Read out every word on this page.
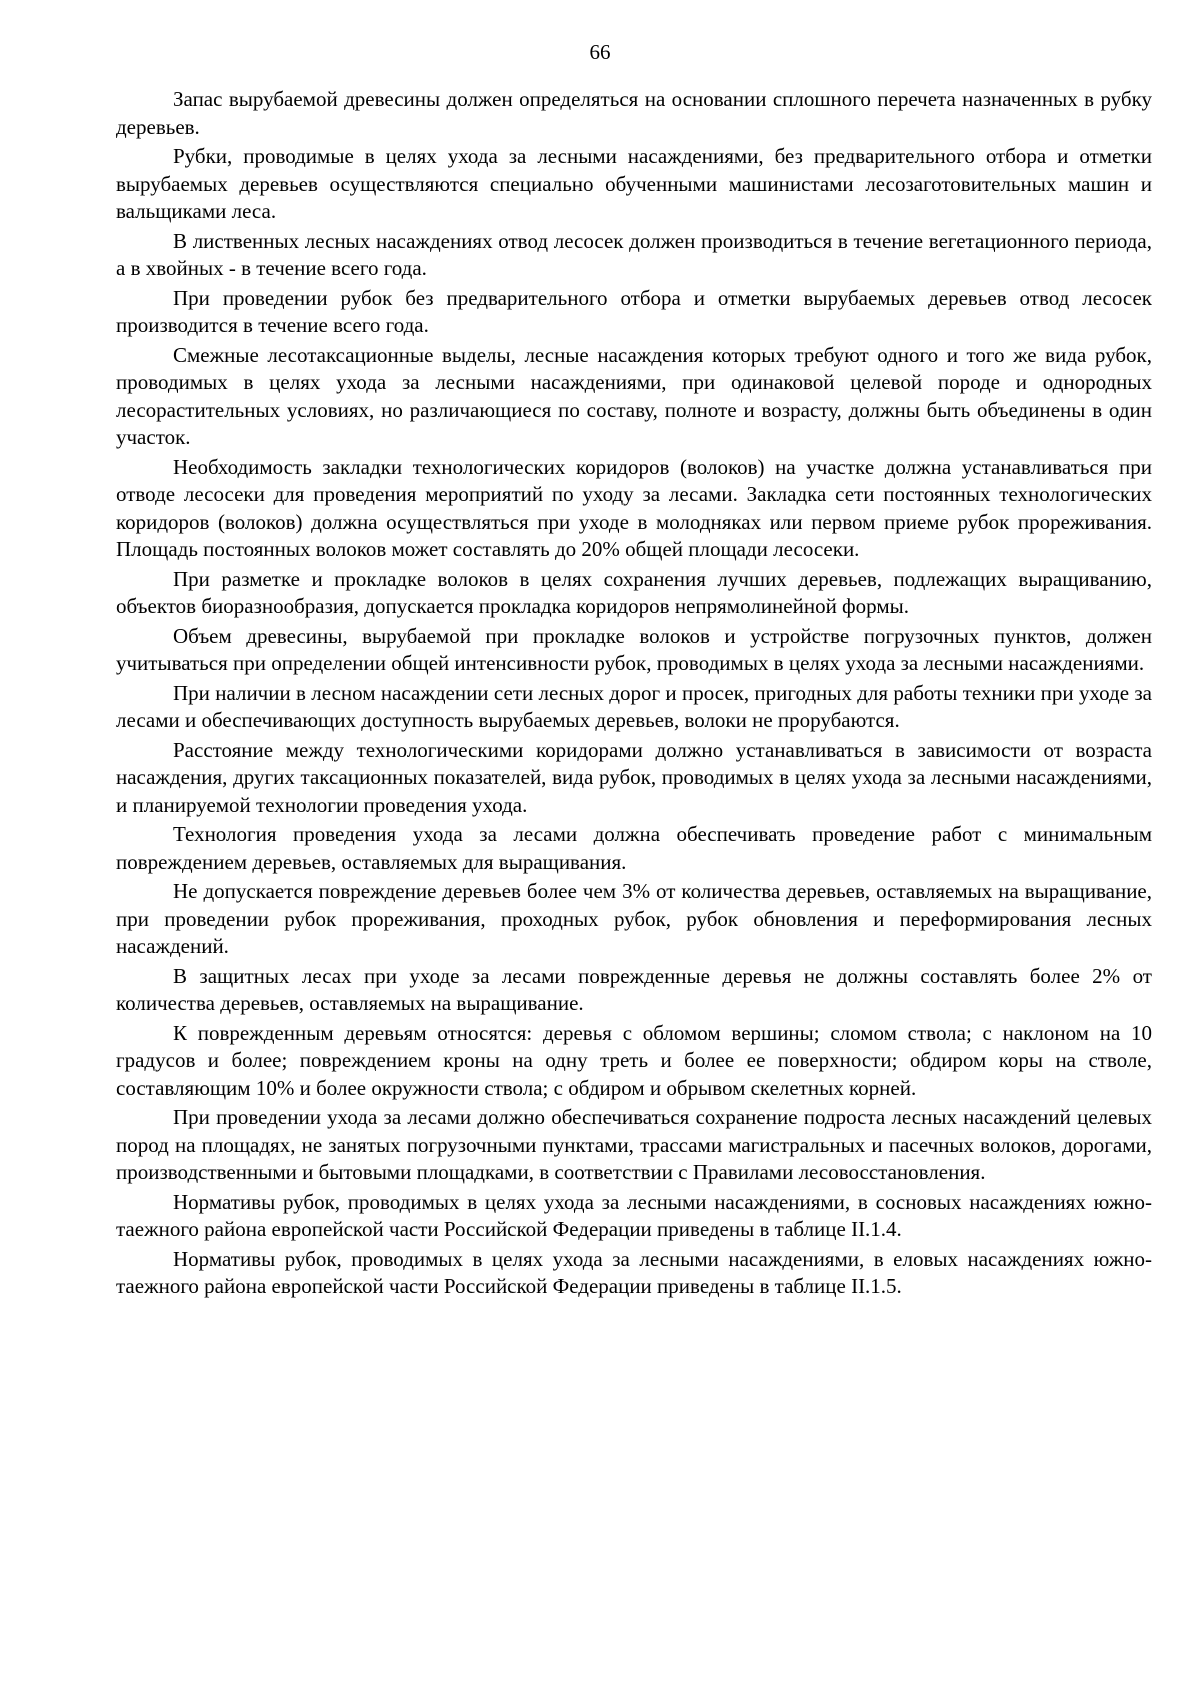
66

Запас вырубаемой древесины должен определяться на основании сплошного перечета назначенных в рубку деревьев.

Рубки, проводимые в целях ухода за лесными насаждениями, без предварительного отбора и отметки вырубаемых деревьев осуществляются специально обученными машинистами лесозаготовительных машин и вальщиками леса.

В лиственных лесных насаждениях отвод лесосек должен производиться в течение вегетационного периода, а в хвойных - в течение всего года.

При проведении рубок без предварительного отбора и отметки вырубаемых деревьев отвод лесосек производится в течение всего года.

Смежные лесотаксационные выделы, лесные насаждения которых требуют одного и того же вида рубок, проводимых в целях ухода за лесными насаждениями, при одинаковой целевой породе и однородных лесорастительных условиях, но различающиеся по составу, полноте и возрасту, должны быть объединены в один участок.

Необходимость закладки технологических коридоров (волоков) на участке должна устанавливаться при отводе лесосеки для проведения мероприятий по уходу за лесами. Закладка сети постоянных технологических коридоров (волоков) должна осуществляться при уходе в молодняках или первом приеме рубок прореживания. Площадь постоянных волоков может составлять до 20% общей площади лесосеки.

При разметке и прокладке волоков в целях сохранения лучших деревьев, подлежащих выращиванию, объектов биоразнообразия, допускается прокладка коридоров непрямолинейной формы.

Объем древесины, вырубаемой при прокладке волоков и устройстве погрузочных пунктов, должен учитываться при определении общей интенсивности рубок, проводимых в целях ухода за лесными насаждениями.

При наличии в лесном насаждении сети лесных дорог и просек, пригодных для работы техники при уходе за лесами и обеспечивающих доступность вырубаемых деревьев, волоки не прорубаются.

Расстояние между технологическими коридорами должно устанавливаться в зависимости от возраста насаждения, других таксационных показателей, вида рубок, проводимых в целях ухода за лесными насаждениями, и планируемой технологии проведения ухода.

Технология проведения ухода за лесами должна обеспечивать проведение работ с минимальным повреждением деревьев, оставляемых для выращивания.

Не допускается повреждение деревьев более чем 3% от количества деревьев, оставляемых на выращивание, при проведении рубок прореживания, проходных рубок, рубок обновления и переформирования лесных насаждений.

В защитных лесах при уходе за лесами поврежденные деревья не должны составлять более 2% от количества деревьев, оставляемых на выращивание.

К поврежденным деревьям относятся: деревья с обломом вершины; сломом ствола; с наклоном на 10 градусов и более; повреждением кроны на одну треть и более ее поверхности; обдиром коры на стволе, составляющим 10% и более окружности ствола; с обдиром и обрывом скелетных корней.

При проведении ухода за лесами должно обеспечиваться сохранение подроста лесных насаждений целевых пород на площадях, не занятых погрузочными пунктами, трассами магистральных и пасечных волоков, дорогами, производственными и бытовыми площадками, в соответствии с Правилами лесовосстановления.

Нормативы рубок, проводимых в целях ухода за лесными насаждениями, в сосновых насаждениях южно-таежного района европейской части Российской Федерации приведены в таблице II.1.4.

Нормативы рубок, проводимых в целях ухода за лесными насаждениями, в еловых насаждениях южно-таежного района европейской части Российской Федерации приведены в таблице II.1.5.
